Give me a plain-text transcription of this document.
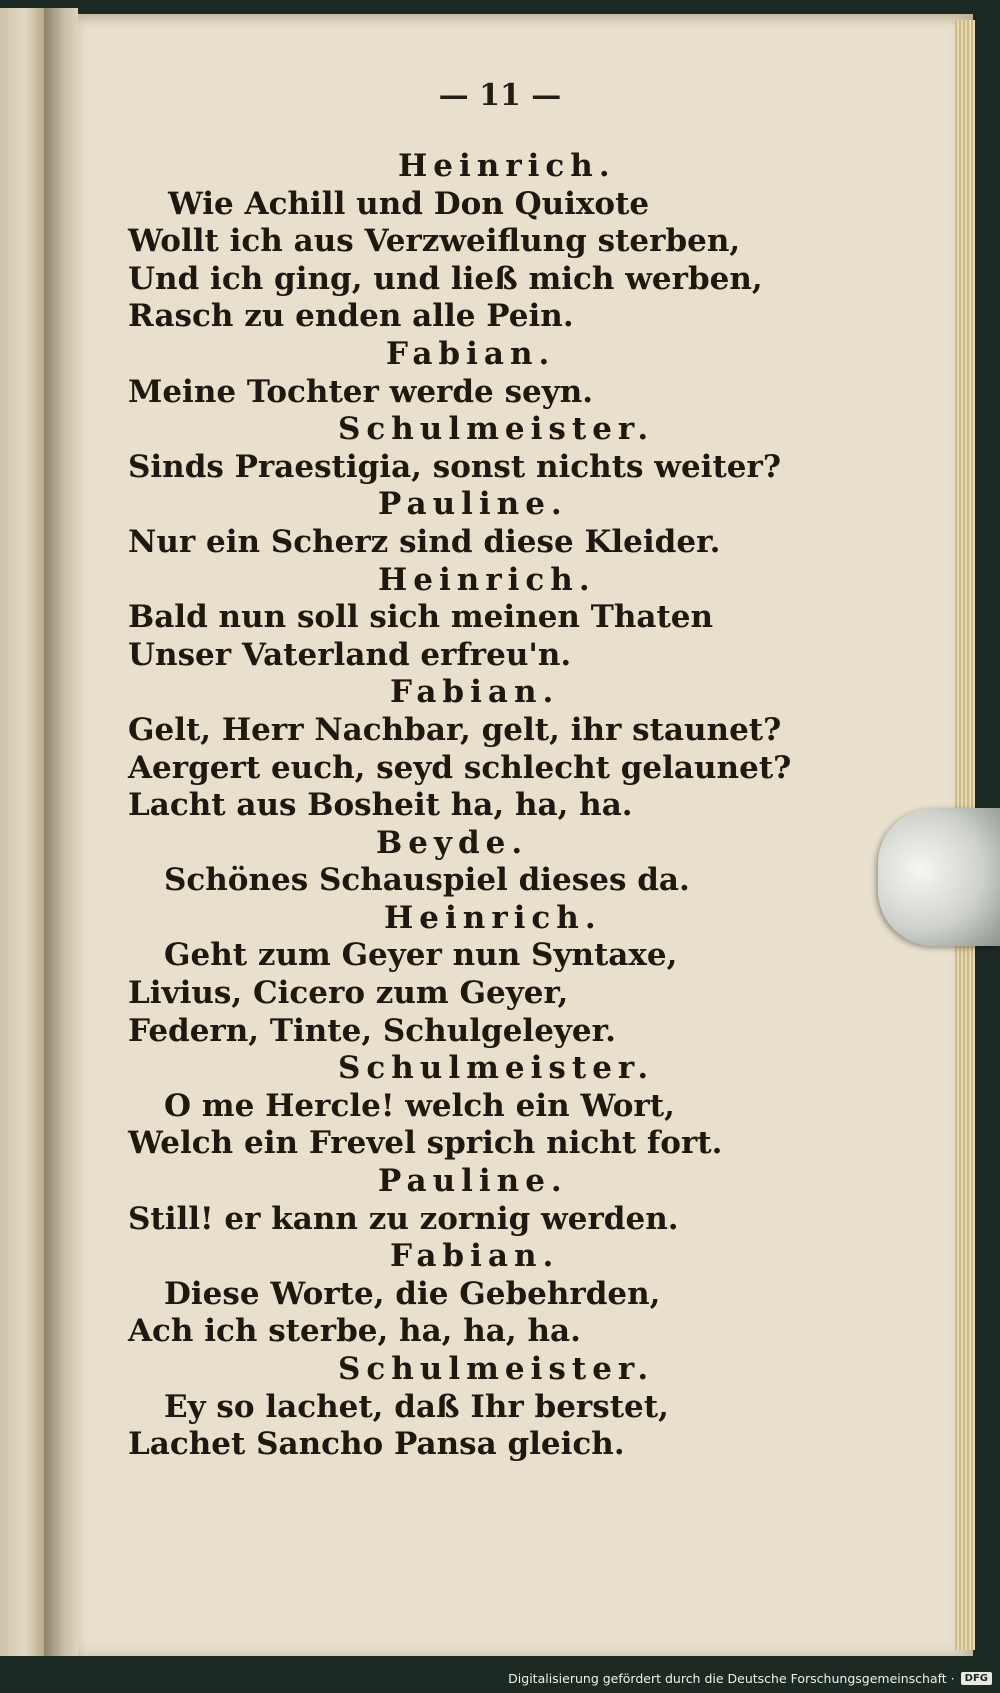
— 11 —
Heinrich.
Wie Achill und Don Quixote
Wollt ich aus Verzweiflung sterben,
Und ich ging, und ließ mich werben,
Rasch zu enden alle Pein.
Fabian.
Meine Tochter werde seyn.
Schulmeister.
Sinds Praestigia, sonst nichts weiter?
Pauline.
Nur ein Scherz sind diese Kleider.
Heinrich.
Bald nun soll sich meinen Thaten
Unser Vaterland erfreu'n.
Fabian.
Gelt, Herr Nachbar, gelt, ihr staunet?
Aergert euch, seyd schlecht gelaunet?
Lacht aus Bosheit ha, ha, ha.
Beyde.
Schönes Schauspiel dieses da.
Heinrich.
Geht zum Geyer nun Syntaxe,
Livius, Cicero zum Geyer,
Federn, Tinte, Schulgeleyer.
Schulmeister.
O me Hercle! welch ein Wort,
Welch ein Frevel sprich nicht fort.
Pauline.
Still! er kann zu zornig werden.
Fabian.
Diese Worte, die Gebehrden,
Ach ich sterbe, ha, ha, ha.
Schulmeister.
Ey so lachet, daß Ihr berstet,
Lachet Sancho Pansa gleich.
Digitalisierung gefördert durch die Deutsche Forschungsgemeinschaft ·	DFG
